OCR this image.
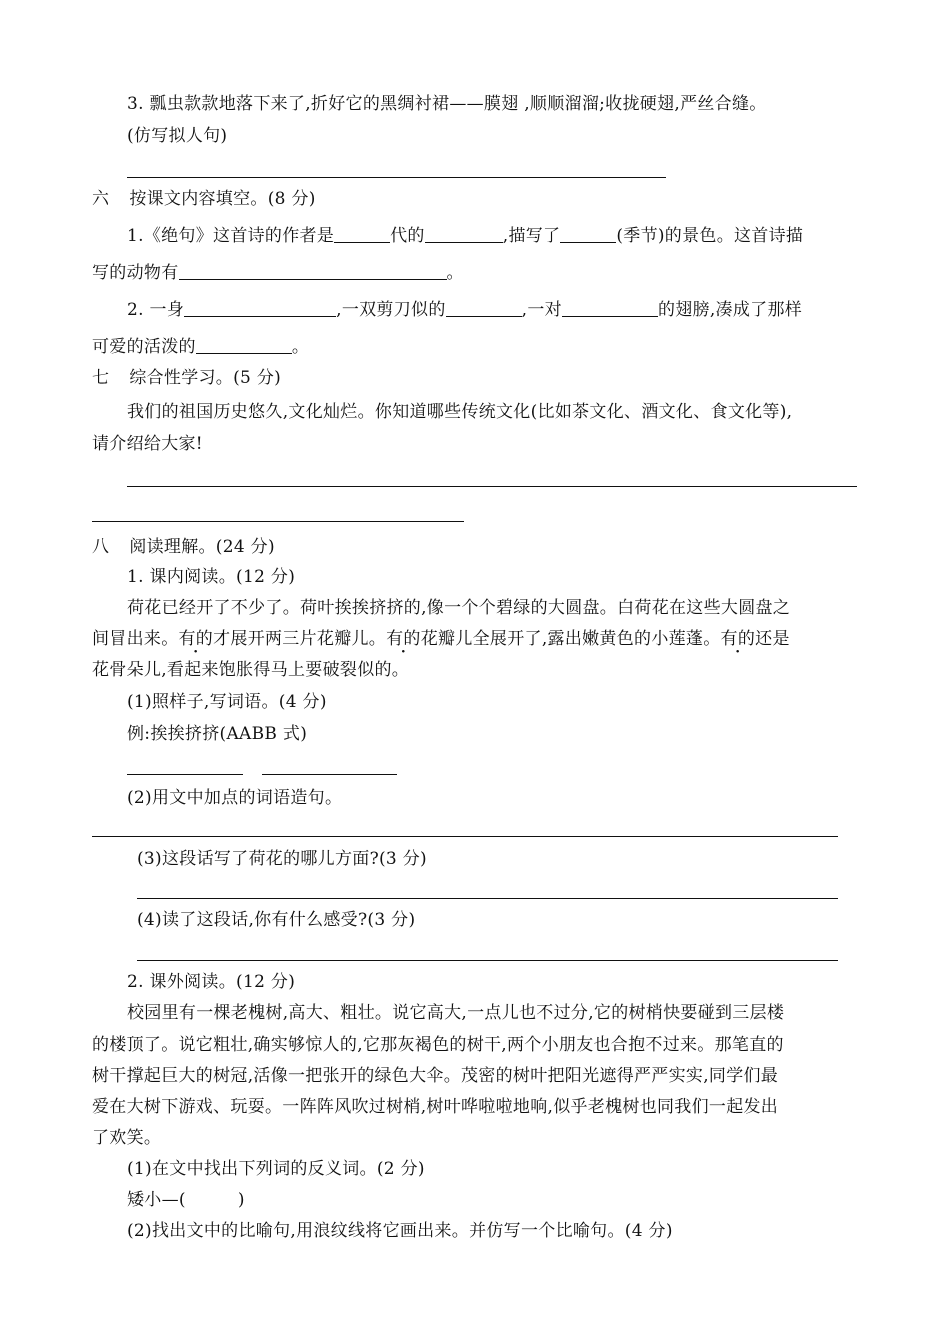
3. 瓢虫款款地落下来了,折好它的黑绸衬裙——膜翅 ,顺顺溜溜;收拢硬翅,严丝合缝。
(仿写拟人句)
六 按课文内容填空。(8 分)
1.《绝句》这首诗的作者是	代的	,描写了	(季节)的景色。这首诗描
写的动物有	。
2. 一身	,一双剪刀似的	,一对	的翅膀,凑成了那样
可爱的活泼的	。
七 综合性学习。(5 分)
我们的祖国历史悠久,文化灿烂。你知道哪些传统文化(比如茶文化、酒文化、食文化等),
请介绍给大家!
八 阅读理解。(24 分)
1. 课内阅读。(12 分)
荷花已经开了不少了。荷叶挨挨挤挤的,像一个个碧绿的大圆盘。白荷花在这些大圆盘之
间冒出来。有的才展开两三片花瓣儿。有的花瓣儿全展开了,露出嫩黄色的小莲蓬。有的还是
花骨朵儿,看起来饱胀得马上要破裂似的。
(1)照样子,写词语。(4 分)
例:挨挨挤挤(AABB 式)
(2)用文中加点的词语造句。
(3)这段话写了荷花的哪儿方面?(3 分)
(4)读了这段话,你有什么感受?(3 分)
2. 课外阅读。(12 分)
校园里有一棵老槐树,高大、粗壮。说它高大,一点儿也不过分,它的树梢快要碰到三层楼
的楼顶了。说它粗壮,确实够惊人的,它那灰褐色的树干,两个小朋友也合抱不过来。那笔直的
树干撑起巨大的树冠,活像一把张开的绿色大伞。茂密的树叶把阳光遮得严严实实,同学们最
爱在大树下游戏、玩耍。一阵阵风吹过树梢,树叶哗啦啦地响,似乎老槐树也同我们一起发出
了欢笑。
(1)在文中找出下列词的反义词。(2 分)
矮小—(	)
(2)找出文中的比喻句,用浪纹线将它画出来。并仿写一个比喻句。(4 分)
